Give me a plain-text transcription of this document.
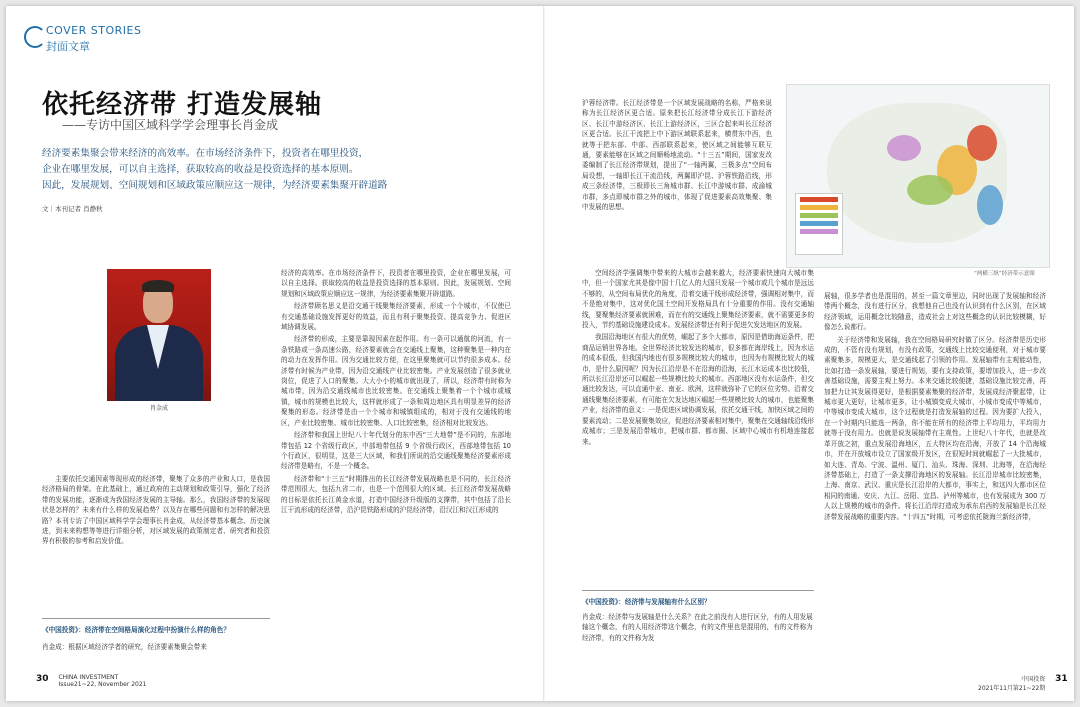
COVER STORIES
封面文章
依托经济带 打造发展轴
——专访中国区域科学学会理事长肖金成
经济要素集聚会带来经济的高效率。在市场经济条件下，投资者在哪里投资，
企业在哪里发展，可以自主选择，获取较高的收益是投资选择的基本原则。
因此，发展规划、空间规划和区域政策应顺应这一规律，为经济要素集聚开辟道路
文｜本刊记者 肖静秋
肖金成

主要依托交通因素等现形成的经济带，聚集了众多的产业和人口，是我国经济格局的骨架。在此基础上，通过政府的主动规划和政策引导，强化了经济带的发展功能，逐渐成为我国经济发展的主导轴。那么，我国经济带的发展现状是怎样的？未来有什么样的发展趋势？以及存在哪些问题和有怎样的解决思路？本刊专访了中国区域科学学会理事长肖金成，从经济带基本概念、历史演进，到未来构想等等进行详细分析，对区域发展的政策制定者、研究者和投资界有积极的参考和启发价值。

《中国投资》：经济带在空间格局演化过程中扮演什么样的角色？
肖金成：根据区域经济学者的研究，经济要素集聚会带来

经济的高效率。在市场经济条件下，投资者在哪里投资，企业在哪里发展，可以自主选择。获取较高的收益是投资选择的基本原则。因此，发展规划、空间规划和区域政策应顺应这一规律，为经济要素集聚开辟道路。

经济带顾名思义是沿交通干线聚集经济要素，形成一个个城市，不仅使已有交通基础设施发挥更好的效益，而且有利于聚集投资、提高竞争力、促进区域协调发展。

经济带的形成，主要是靠现因素在起作用。有一条可以通航的河流，有一条铁路或一条高速公路，经济要素就会在交通线上聚集，这种聚集是一种内在的动力在发挥作用。因为交通比较方便，在这里聚集就可以节约很多成本。经济带有时候为产业带，因为沿交通线产业比较密集。产业发展创造了很多就业岗位，促进了人口的聚集。大大小小的城市就出现了，所以，经济带有时称为城市带，因为沿交通线城市也比较密集。在交通线上聚集着一个个城市或城镇，城市的规模也比较大，这样就形成了一条和周边地区具有明显差异的经济聚集的形态。经济带是由一个个城市和城镇组成的，相对于没有交通线的地区，产业比较密集、城市比较密集、人口比较密集，经济相对比较发达。

经济带和我国上世纪八十年代划分的东中西“三大地带”是不同的，东部地带包括 12 个省级行政区，中部地带包括 9 个省级行政区，西部地带包括 10 个行政区，很明显，这是三大区域，和我们所说的沿交通线聚集经济要素形成经济带是略有，不是一个概念。

经济带和“十三五”时期推出的长江经济带发展战略也是不同的，长江经济带范围很大，包括九省二市，也是一个范围很大的区域。长江经济带发展战略的目标是依托长江黄金水道，打造中国经济升级版的支撑带，其中包括了沿长江干流形成的经济带，沿沪昆铁路形成的沪昆经济带，沿汉江和汉江形成的

沪蓉经济带。长江经济带是一个区域发展战略的名称，严格来说称为长江经济区更合适。原来把长江经济带分成长江下游经济区、长江中游经济区、长江上游经济区，三区合起来叫长江经济区更合适。长江干流把上中下游区域联系起来，横贯东中西，也就等于把东部、中部、西部联系起来，使区域之间能够互联互通，要素能够在区域之间顺畅地流动。“十三五”期间，国家发改委编制了长江经济带规划，提出了“一轴两翼，三极多点”空间布局设想，一轴即长江干流沿线，两翼即沪昆、沪蓉铁路沿线，形成三条经济带，三极即长三角城市群、长江中游城市群、成渝城市群，多点即城市群之外的城市，体现了促进要素高效集聚、集中发展的思想。

“两横三纵”经济带示意图

空间经济学强调集中带来的大城市会越来越大，经济要素快速向大城市集中，但一个国家尤其是像中国十几亿人的大国只发展一个城市或几个城市是远远不够的，从空间布局优化的角度，沿着交通干线形成经济带，强调相对集中，而不是绝对集中，这对优化国土空间开发格局具有十分重要的作用。没有交通轴线，要聚集经济要素就困难，而在有的交通线上聚集经济要素，就不需要更多的投入，节约基础设施建设成本。发展经济带还有利于促进欠发达地区的发展。

我国沿海地区有很大的优势，崛起了多个大都市，原因是借助海运条件，把商品运销世界各地。全世界经济比较发达的城市，很多都在海岸线上，因为水运的成本很低，但我国内地也有很多规模比较大的城市，也因为有规模比较大的城市，是什么原因呢？因为长江沿岸是不在沿海的沿海，长江水运成本也比较低，所以长江沿岸还可以崛起一些规模比较大的城市。西部地区没有水运条件，但交通比较发达，可以直通中亚、南亚、欧洲，这样就弥补了它的区位劣势。沿着交通线聚集经济要素，有可能在欠发达地区崛起一些规模比较大的城市，也能聚集产业，经济带的意义：一是促进区域协调发展，依托交通干线，加快区域之间的要素流动；二是发展聚集效应，促进经济要素相对集中，聚集在交通轴线沿线形成城市；三是发展沿带城市，把城市群、都市圈、区域中心城市有机地连接起来。

《中国投资》：经济带与发展轴有什么区别？
肖金成：经济带与发展轴是什么关系？在此之前没有人进行区分，有的人用发展轴这个概念，有的人用经济带这个概念，有的文件里也是混用的，有的文件称为经济带，有的文件称为发

展轴，很多学者也是混用的，甚至一篇文章里边，同时出现了发展轴和经济带两个概念，没有进行区分，我想他自己也没有认识到有什么区别，在区域经济领域，运用概念比较随意，造成社会上对这些概念的认识比较模糊，好像怎么说都行。

关于经济带和发展轴，我在空间格局研究时做了区分。经济带是历史形成的，不管有没有规划，有没有政策，交通线上比较交通便利，对于城市要素聚集多，规模更大，是交通线起了引领的作用。发展轴带有主观能动性，比如打造一条发展轴，要进行规划，要有支持政策，要增加投入，进一步改善基础设施，需要主观上努力。本来交通比较便捷，基础设施比较完善，再加把力让其发展得更好，是根据要素集聚的经济带，发展成经济聚起带，让城市更大更好，让城市更多，让小城镇变成大城市，小城市变成中等城市，中等城市变成大城市，这个过程就是打造发展轴的过程。因为要扩大投入，在一个时期内只能选一两条，你不能在所有的经济带上平均用力，平均用力就等于没有用力。也就是说发展轴带有主观性。上世纪八十年代，也就是改革开放之初，重点发展沿海地区，五大特区均在沿海，开放了 14 个沿海城市，并在开放城市设立了国家级开发区，在很短时间就崛起了一大批城市，如大连、青岛、宁波、温州、厦门、汕头、珠海、深圳、北海等，在沿海经济带基础上，打造了一条支撑沿海地区的发展轴。长江沿岸城市比较密集，上海、南京、武汉、重庆是长江沿岸的大都市，事实上，和这四大都市区位相同的南通、安庆、九江、岳阳、宜昌、泸州等城市，也有发展成为 300 万人以上规模的城市的条件。将长江沿岸打造成为承东启西的发展轴是长江经济带发展战略的重要内容。“十四五”时期，可考虑依托陇海兰新经济带，

30 CHINA INVESTMENT
Issue21~22, November 2021
中国投资
2021年11月第21~22期
31
